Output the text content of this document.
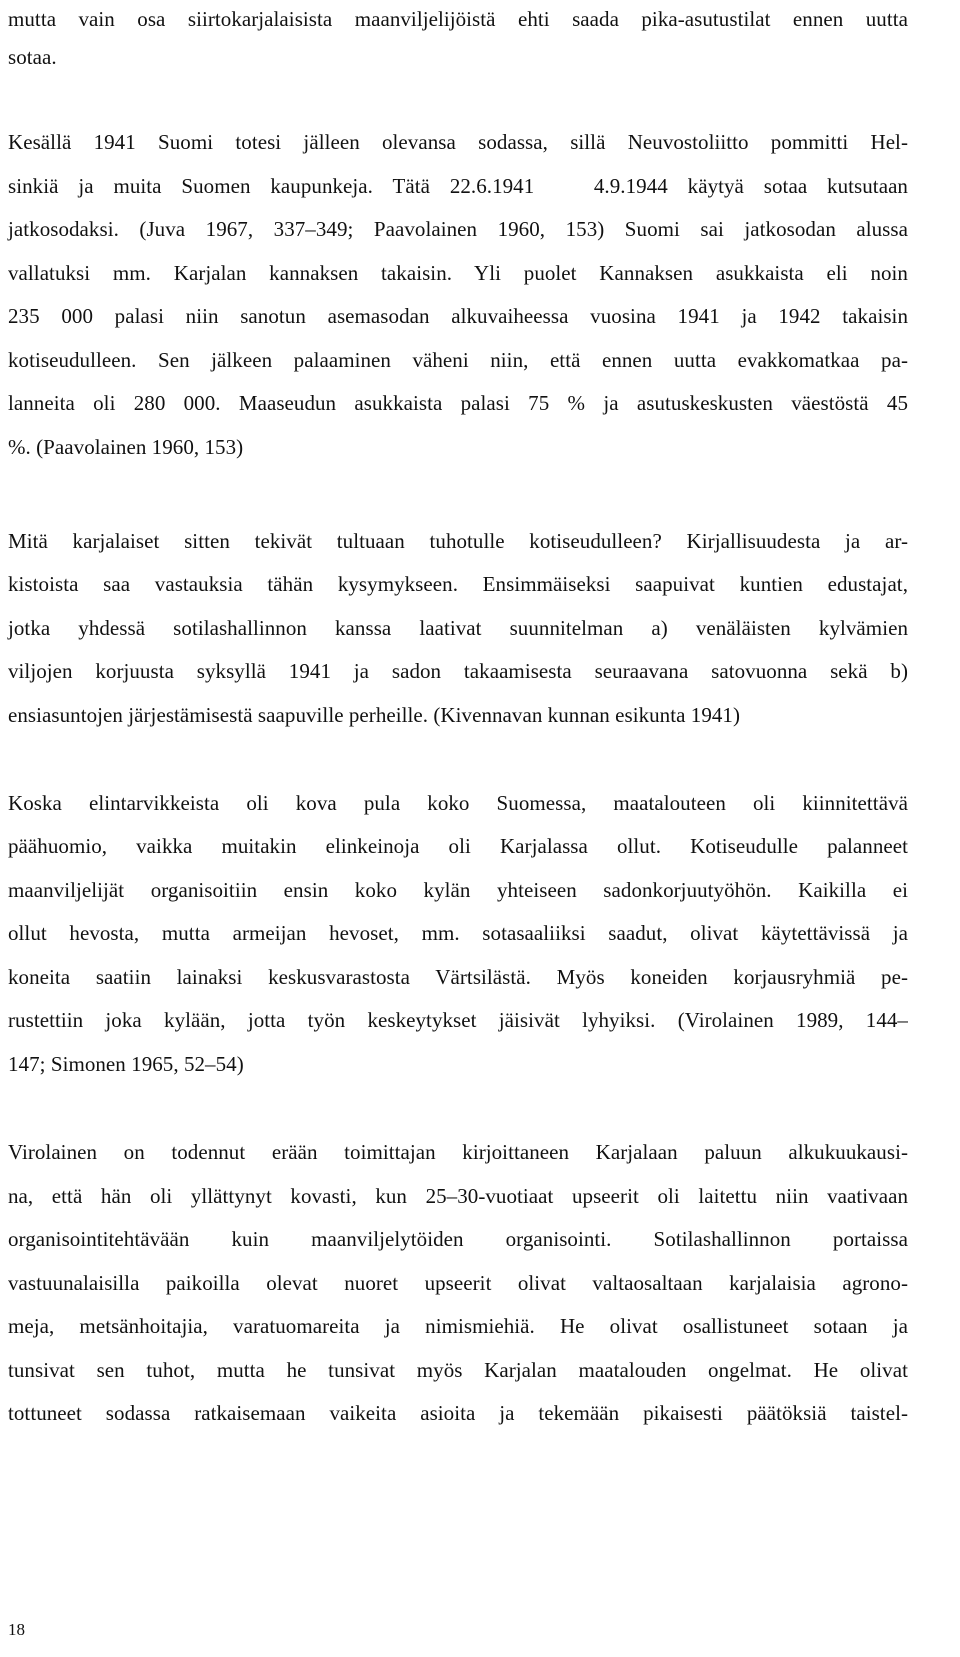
mutta vain osa siirtokarjalaisista maanviljelijöistä ehti saada pika-asutustilat ennen uutta
sotaa.
Kesällä 1941 Suomi totesi jälleen olevansa sodassa, sillä Neuvostoliitto pommitti Hel-
sinkiä ja muita Suomen kaupunkeja. Tätä 22.6.1941   4.9.1944 käytyä sotaa kutsutaan
jatkosodaksi. (Juva 1967, 337–349; Paavolainen 1960, 153) Suomi sai jatkosodan alussa
vallatuksi mm. Karjalan kannaksen takaisin. Yli puolet Kannaksen asukkaista eli noin
235 000 palasi niin sanotun asemasodan alkuvaiheessa vuosina 1941 ja 1942 takaisin
kotiseudulleen. Sen jälkeen palaaminen väheni niin, että ennen uutta evakkomatkaa pa-
lanneita oli 280 000. Maaseudun asukkaista palasi 75 % ja asutuskeskusten väestöstä 45
%. (Paavolainen 1960, 153)
Mitä karjalaiset sitten tekivät tultuaan tuhotulle kotiseudulleen? Kirjallisuudesta ja ar-
kistoista saa vastauksia tähän kysymykseen. Ensimmäiseksi saapuivat kuntien edustajat,
jotka yhdessä sotilashallinnon kanssa laativat suunnitelman a) venäläisten kylvämien
viljojen korjuusta syksyllä 1941 ja sadon takaamisesta seuraavana satovuonna sekä b)
ensiasuntojen järjestämisestä saapuville perheille. (Kivennavan kunnan esikunta 1941)
Koska elintarvikkeista oli kova pula koko Suomessa, maatalouteen oli kiinnitettävä
päähuomio, vaikka muitakin elinkeinoja oli Karjalassa ollut. Kotiseudulle palanneet
maanviljelijät organisoitiin ensin koko kylän yhteiseen sadonkorjuutyöhön. Kaikilla ei
ollut hevosta, mutta armeijan hevoset, mm. sotasaaliiksi saadut, olivat käytettävissä ja
koneita saatiin lainaksi keskusvarastosta Värtsilästä. Myös koneiden korjausryhmiä pe-
rustettiin joka kylään, jotta työn keskeytykset jäisivät lyhyiksi. (Virolainen 1989, 144–
147; Simonen 1965, 52–54)
Virolainen on todennut erään toimittajan kirjoittaneen Karjalaan paluun alkukuukausi-
na, että hän oli yllättynyt kovasti, kun 25–30-vuotiaat upseerit oli laitettu niin vaativaan
organisointitehtävään kuin maanviljelytöiden organisointi. Sotilashallinnon portaissa
vastuunalaisilla paikoilla olevat nuoret upseerit olivat valtaosaltaan karjalaisia agrono-
meja, metsänhoitajia, varatuomareita ja nimismiehiä. He olivat osallistuneet sotaan ja
tunsivat sen tuhot, mutta he tunsivat myös Karjalan maatalouden ongelmat. He olivat
tottuneet sodassa ratkaisemaan vaikeita asioita ja tekemään pikaisesti päätöksiä taistel-
18
